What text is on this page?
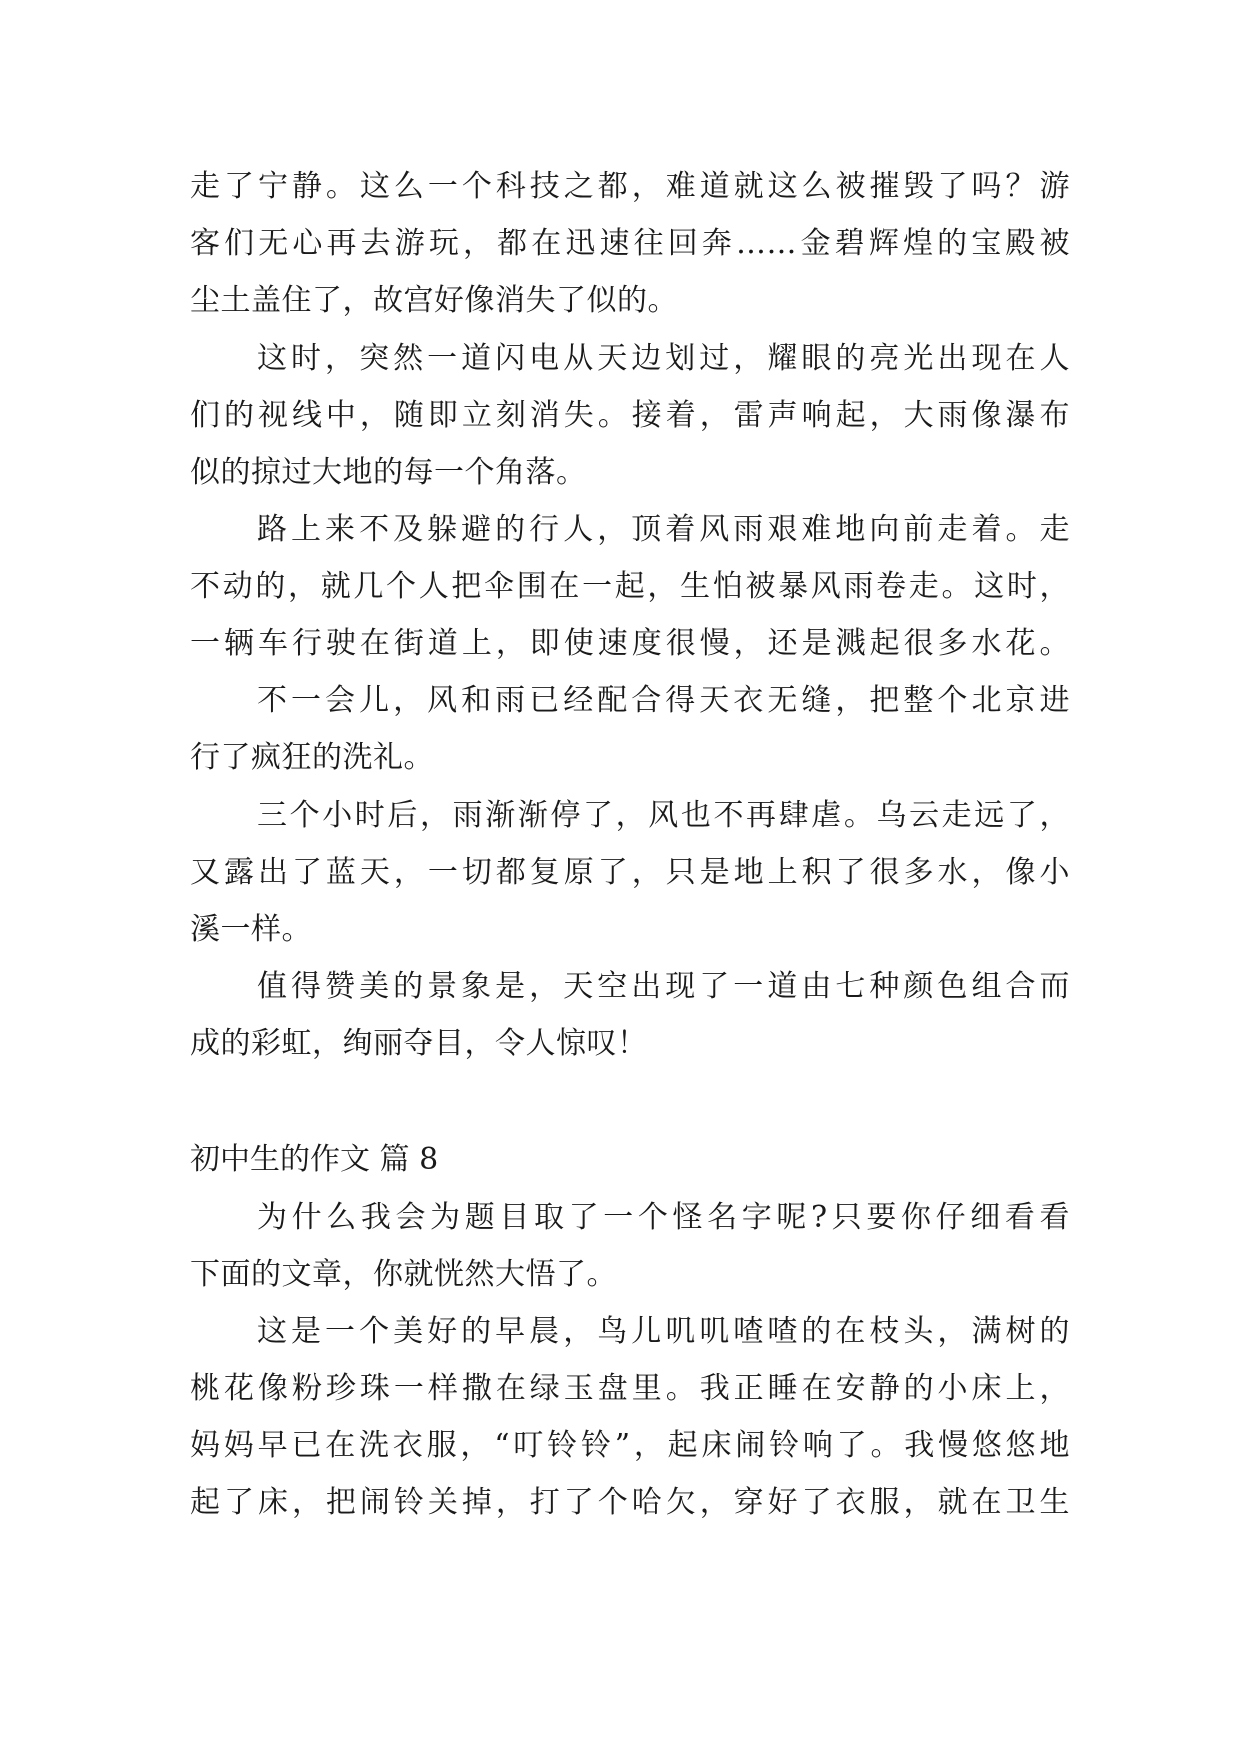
走了宁静。这么一个科技之都，难道就这么被摧毁了吗？游
客们无心再去游玩，都在迅速往回奔……金碧辉煌的宝殿被
尘土盖住了，故宫好像消失了似的。
这时，突然一道闪电从天边划过，耀眼的亮光出现在人
们的视线中，随即立刻消失。接着，雷声响起，大雨像瀑布
似的掠过大地的每一个角落。
路上来不及躲避的行人，顶着风雨艰难地向前走着。走
不动的，就几个人把伞围在一起，生怕被暴风雨卷走。这时，
一辆车行驶在街道上，即使速度很慢，还是溅起很多水花。
不一会儿，风和雨已经配合得天衣无缝，把整个北京进
行了疯狂的洗礼。
三个小时后，雨渐渐停了，风也不再肆虐。乌云走远了，
又露出了蓝天，一切都复原了，只是地上积了很多水，像小
溪一样。
值得赞美的景象是，天空出现了一道由七种颜色组合而
成的彩虹，绚丽夺目，令人惊叹！
初中生的作文 篇 8
为什么我会为题目取了一个怪名字呢?只要你仔细看看
下面的文章，你就恍然大悟了。
这是一个美好的早晨，鸟儿叽叽喳喳的在枝头，满树的
桃花像粉珍珠一样撒在绿玉盘里。我正睡在安静的小床上，
妈妈早已在洗衣服，“叮铃铃”，起床闹铃响了。我慢悠悠地
起了床，把闹铃关掉，打了个哈欠，穿好了衣服，就在卫生
